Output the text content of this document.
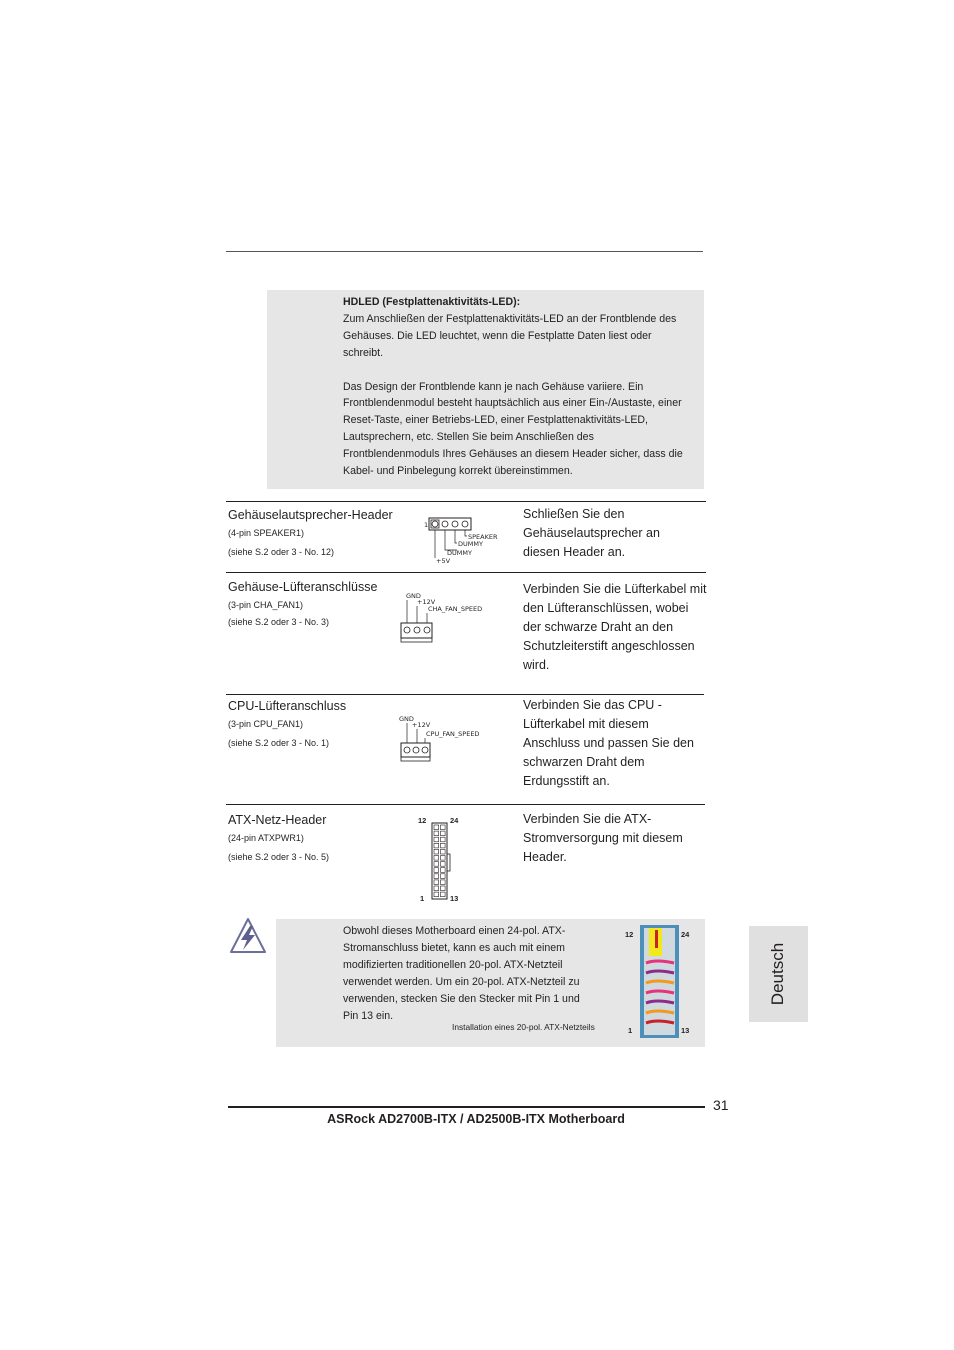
HDLED (Festplattenaktivitäts-LED):

Zum Anschließen der Festplattenaktivitäts-LED an der Frontblende des

Gehäuses. Die LED leuchtet, wenn die Festplatte Daten liest oder

schreibt.

Das Design der Frontblende kann je nach Gehäuse variiere. Ein

Frontblendenmodul besteht hauptsächlich aus einer Ein-/Austaste, einer

Reset-Taste, einer Betriebs-LED, einer Festplattenaktivitäts-LED,

Lautsprechern, etc. Stellen Sie beim Anschließen des

Frontblendenmoduls Ihres Gehäuses an diesem Header sicher, dass die

Kabel- und Pinbelegung korrekt übereinstimmen.

Gehäuselautsprecher-Header
(4-pin SPEAKER1)
(siehe S.2 oder 3 - No. 12)
Schließen Sie den
Gehäuselautsprecher an
diesen Header an.
1
SPEAKER
DUMMY
DUMMY
+5V
Gehäuse-Lüfteranschlüsse
(3-pin CHA_FAN1)
(siehe S.2 oder 3 - No. 3)
Verbinden Sie die Lüfterkabel mit
den Lüfteranschlüssen, wobei
der schwarze Draht an den
Schutzleiterstift angeschlossen
wird.
GND
+12V
CHA_FAN_SPEED
CPU-Lüfteranschluss
(3-pin CPU_FAN1)
(siehe S.2 oder 3 - No. 1)
Verbinden Sie das CPU -
Lüfterkabel mit diesem
Anschluss und passen Sie den
schwarzen Draht dem
Erdungsstift an.
GND
+12V
CPU_FAN_SPEED
ATX-Netz-Header
(24-pin ATXPWR1)
(siehe S.2 oder 3 - No. 5)
Verbinden Sie die ATX-
Stromversorgung mit diesem
Header.
12	24
1	13
Obwohl dieses Motherboard einen 24-pol. ATX-
Stromanschluss bietet, kann es auch mit einem
modifizierten traditionellen 20-pol. ATX-Netzteil
verwendet werden. Um ein 20-pol. ATX-Netzteil zu
verwenden, stecken Sie den Stecker mit Pin 1 und
Pin 13 ein.
Installation eines 20-pol. ATX-Netzteils
12	24
1	13
Deutsch
31
ASRock AD2700B-ITX / AD2500B-ITX Motherboard
